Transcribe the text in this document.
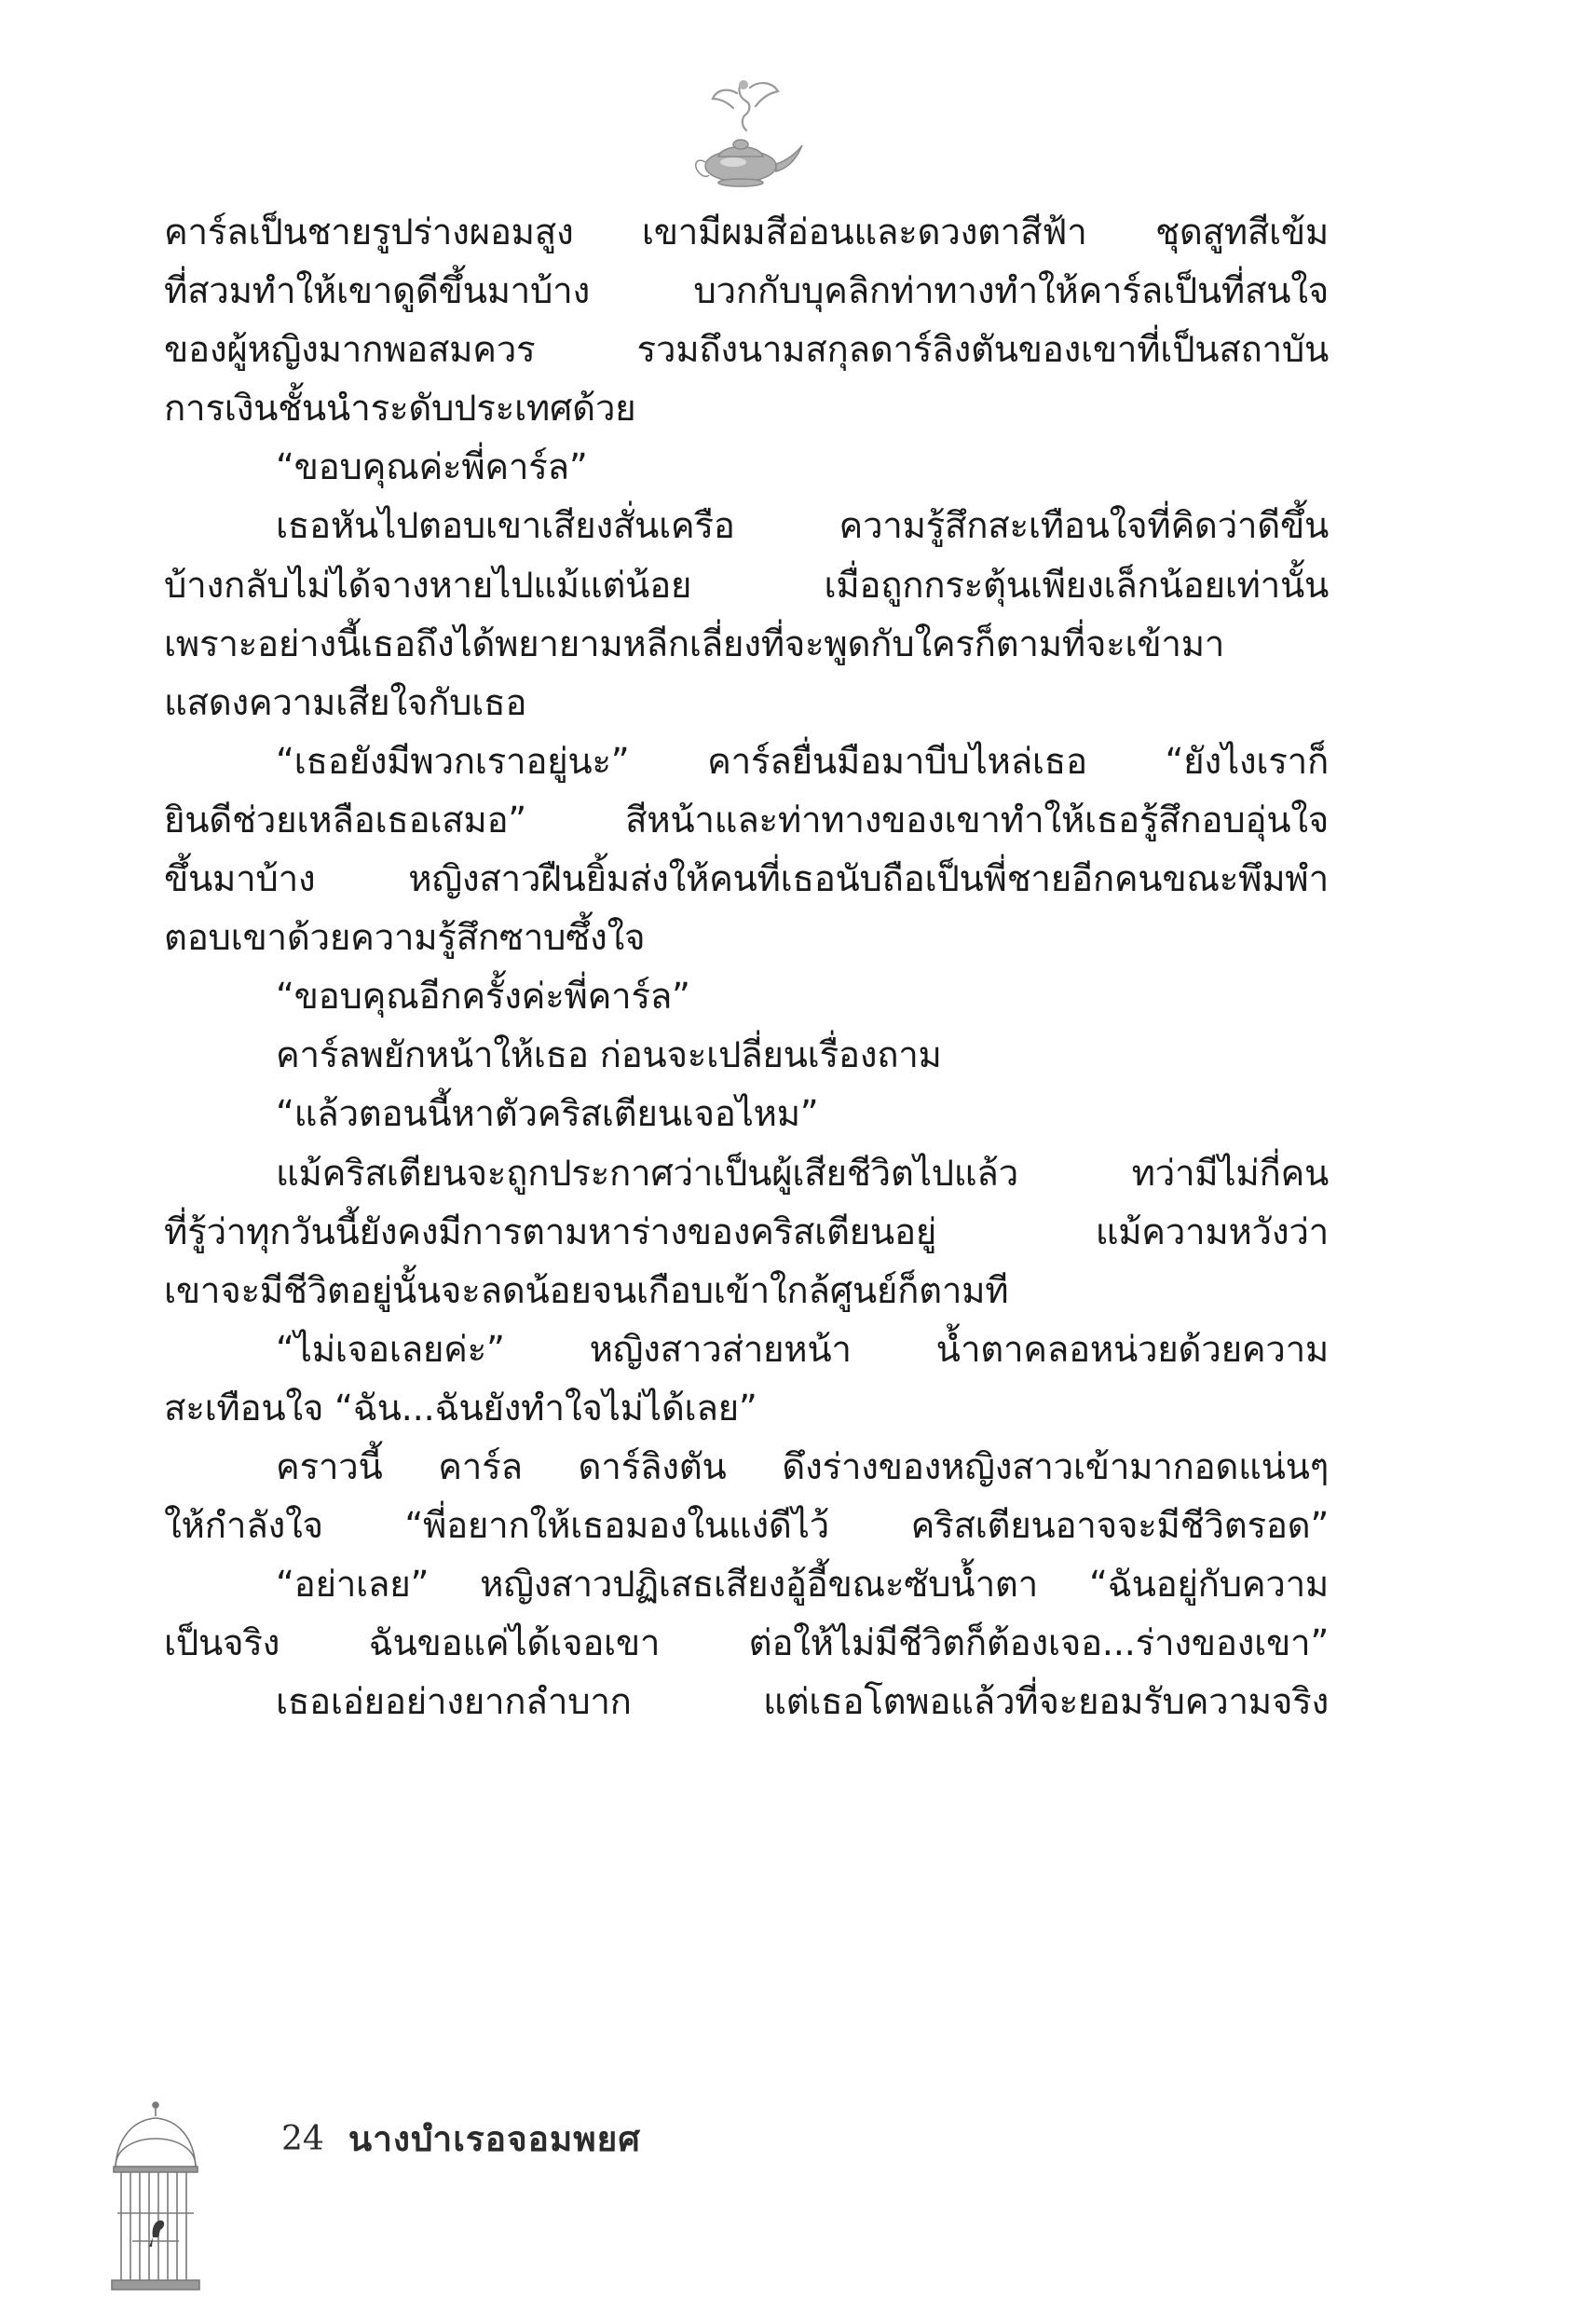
คาร์ลเป็นชายรูปร่างผอมสูง เขามีผมสีอ่อนและดวงตาสีฟ้า ชุดสูทสีเข้ม
ที่สวมทำให้เขาดูดีขึ้นมาบ้าง บวกกับบุคลิกท่าทางทำให้คาร์ลเป็นที่สนใจ
ของผู้หญิงมากพอสมควร รวมถึงนามสกุลดาร์ลิงตันของเขาที่เป็นสถาบัน
การเงินชั้นนำระดับประเทศด้วย
“ขอบคุณค่ะพี่คาร์ล”
เธอหันไปตอบเขาเสียงสั่นเครือ ความรู้สึกสะเทือนใจที่คิดว่าดีขึ้น
บ้างกลับไม่ได้จางหายไปแม้แต่น้อย เมื่อถูกกระตุ้นเพียงเล็กน้อยเท่านั้น
เพราะอย่างนี้เธอถึงได้พยายามหลีกเลี่ยงที่จะพูดกับใครก็ตามที่จะเข้ามา
แสดงความเสียใจกับเธอ
“เธอยังมีพวกเราอยู่นะ” คาร์ลยื่นมือมาบีบไหล่เธอ “ยังไงเราก็
ยินดีช่วยเหลือเธอเสมอ” สีหน้าและท่าทางของเขาทำให้เธอรู้สึกอบอุ่นใจ
ขึ้นมาบ้าง หญิงสาวฝืนยิ้มส่งให้คนที่เธอนับถือเป็นพี่ชายอีกคนขณะพึมพำ
ตอบเขาด้วยความรู้สึกซาบซึ้งใจ
“ขอบคุณอีกครั้งค่ะพี่คาร์ล”
คาร์ลพยักหน้าให้เธอ ก่อนจะเปลี่ยนเรื่องถาม
“แล้วตอนนี้หาตัวคริสเตียนเจอไหม”
แม้คริสเตียนจะถูกประกาศว่าเป็นผู้เสียชีวิตไปแล้ว ทว่ามีไม่กี่คน
ที่รู้ว่าทุกวันนี้ยังคงมีการตามหาร่างของคริสเตียนอยู่ แม้ความหวังว่า
เขาจะมีชีวิตอยู่นั้นจะลดน้อยจนเกือบเข้าใกล้ศูนย์ก็ตามที
“ไม่เจอเลยค่ะ” หญิงสาวส่ายหน้า น้ำตาคลอหน่วยด้วยความ
สะเทือนใจ “ฉัน...ฉันยังทำใจไม่ได้เลย”
คราวนี้ คาร์ล ดาร์ลิงตัน ดึงร่างของหญิงสาวเข้ามากอดแน่นๆ
ให้กำลังใจ “พี่อยากให้เธอมองในแง่ดีไว้ คริสเตียนอาจจะมีชีวิตรอด”
“อย่าเลย” หญิงสาวปฏิเสธเสียงอู้อี้ขณะซับน้ำตา “ฉันอยู่กับความ
เป็นจริง ฉันขอแค่ได้เจอเขา ต่อให้ไม่มีชีวิตก็ต้องเจอ...ร่างของเขา”
เธอเอ่ยอย่างยากลำบาก แต่เธอโตพอแล้วที่จะยอมรับความจริง
24 นางบำเรอจอมพยศ
